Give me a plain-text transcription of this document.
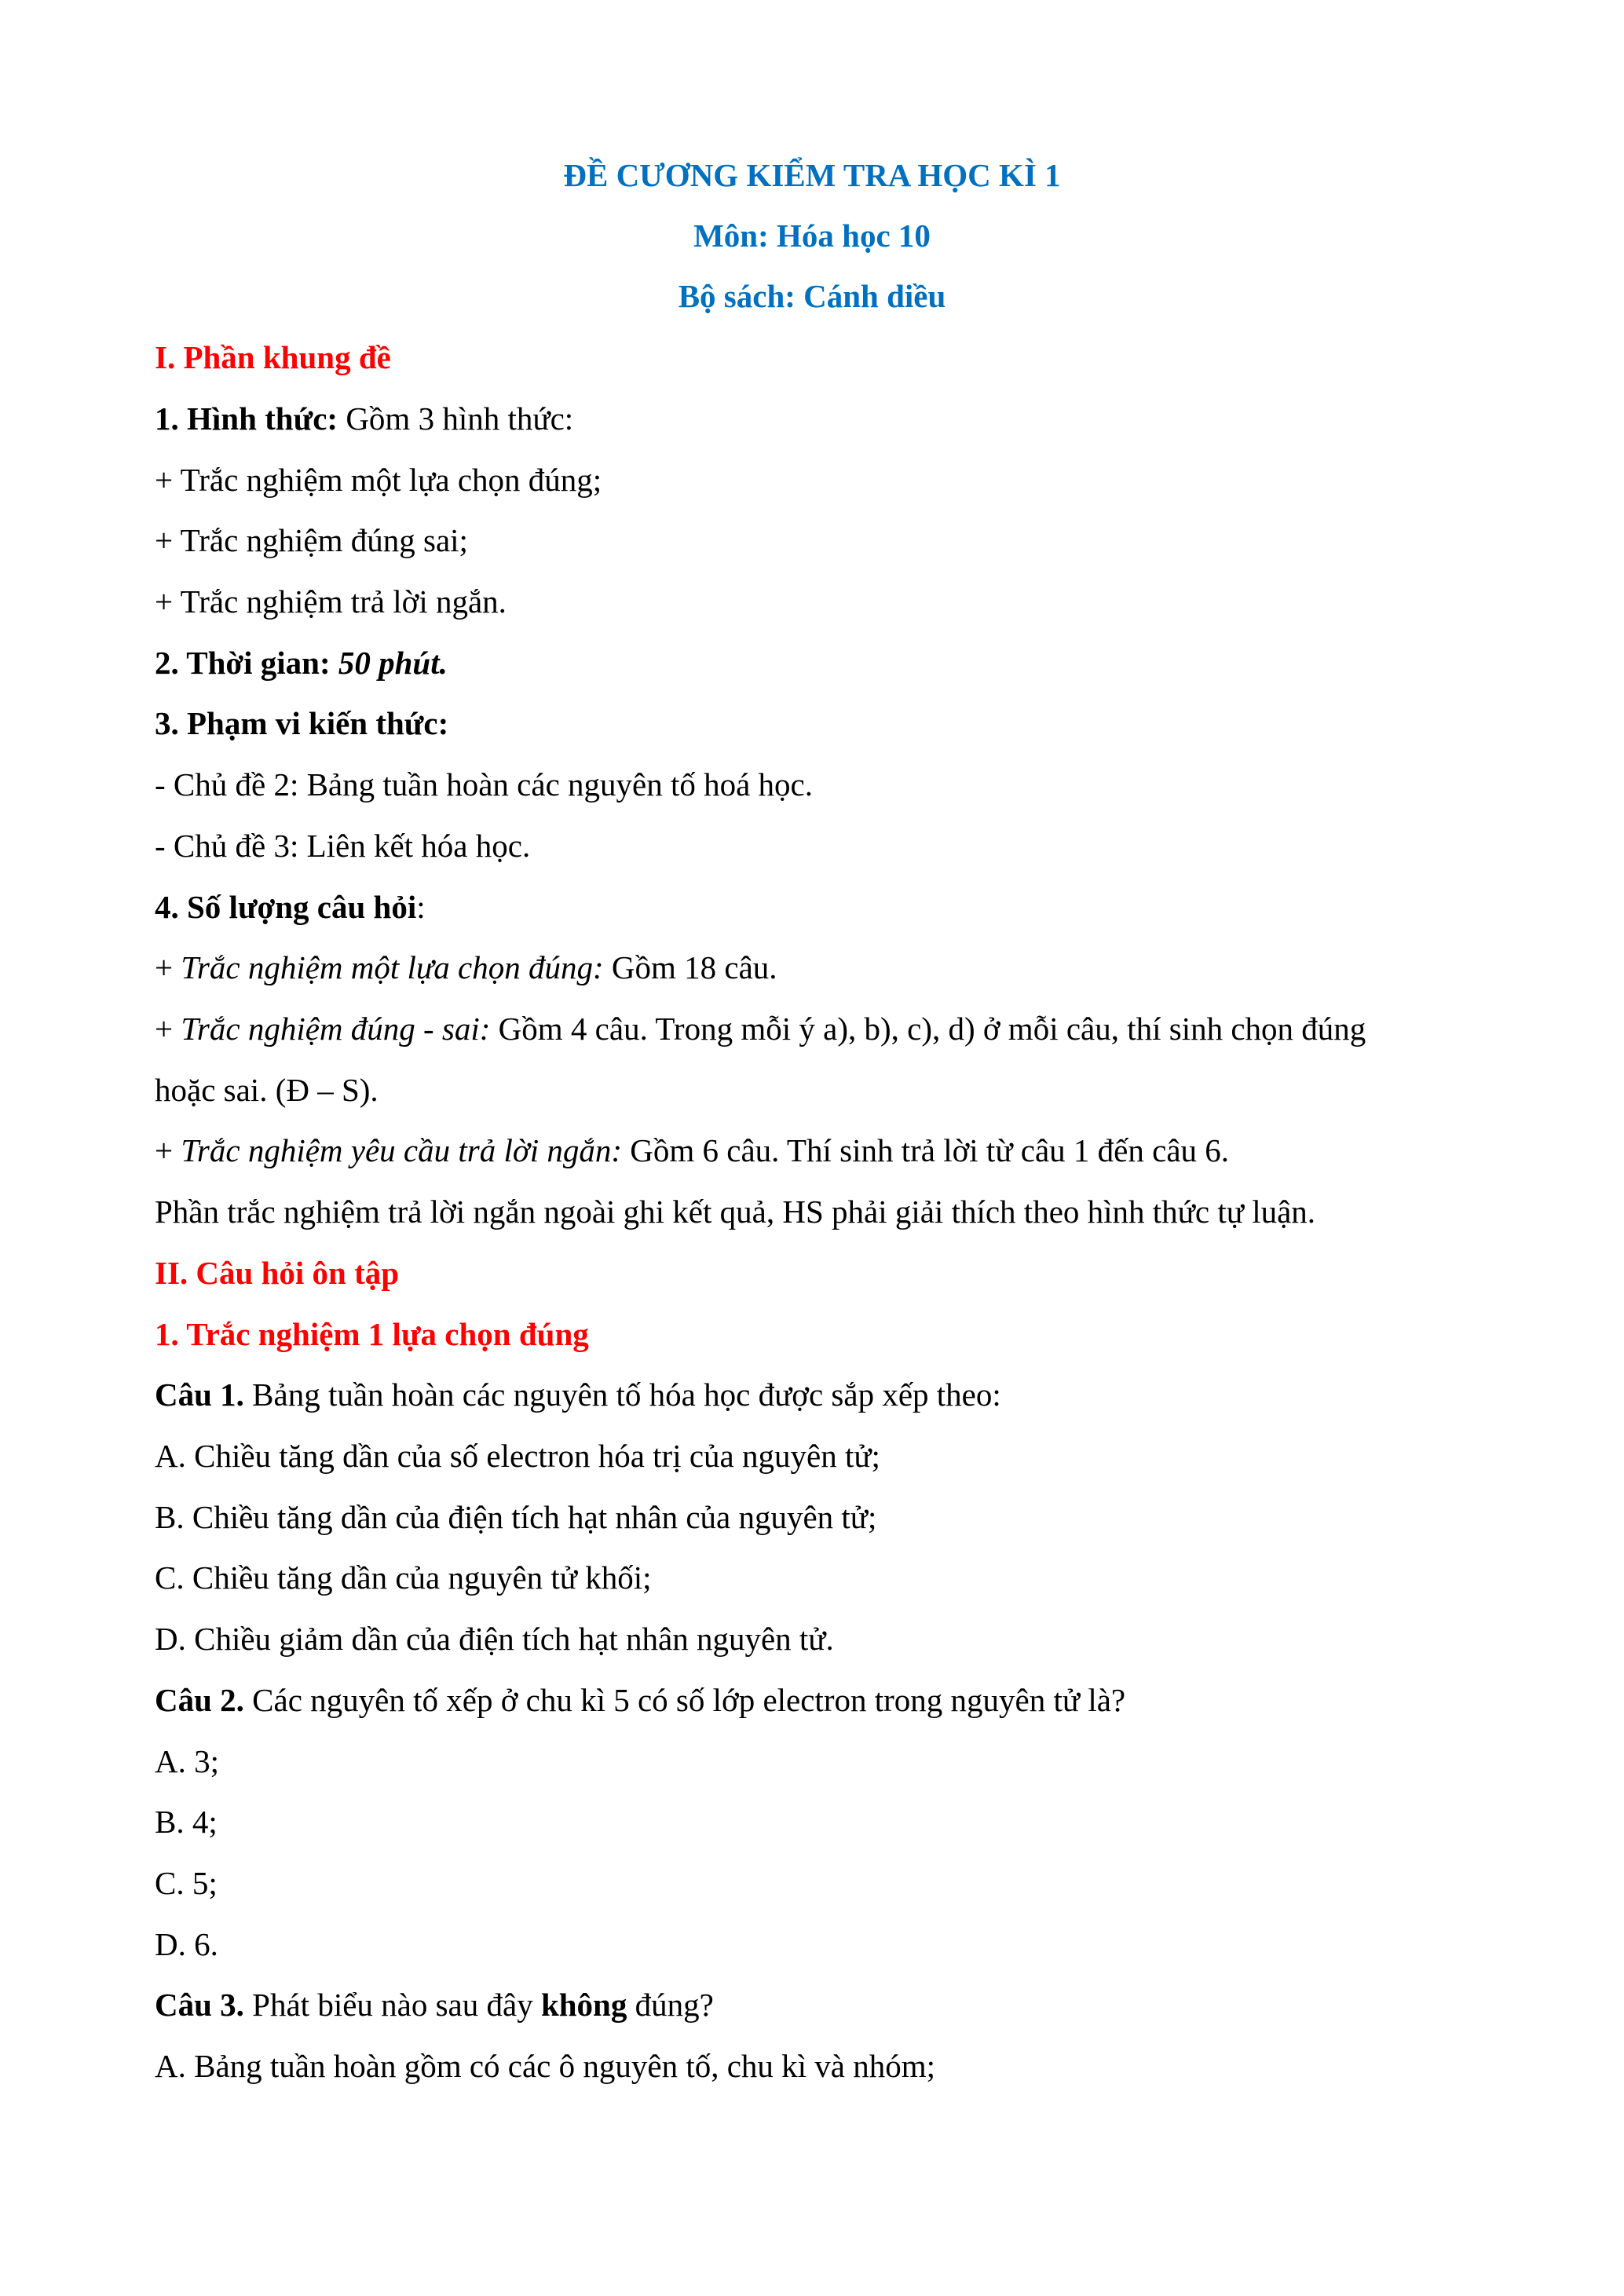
ĐỀ CƯƠNG KIỂM TRA HỌC KÌ 1
Môn: Hóa học 10
Bộ sách: Cánh diều
I. Phần khung đề
1. Hình thức: Gồm 3 hình thức:
+ Trắc nghiệm một lựa chọn đúng;
+ Trắc nghiệm đúng sai;
+ Trắc nghiệm trả lời ngắn.
2. Thời gian: 50 phút.
3. Phạm vi kiến thức:
- Chủ đề 2: Bảng tuần hoàn các nguyên tố hoá học.
- Chủ đề 3: Liên kết hóa học.
4. Số lượng câu hỏi:
+ Trắc nghiệm một lựa chọn đúng: Gồm 18 câu.
+ Trắc nghiệm đúng - sai: Gồm 4 câu. Trong mỗi ý a), b), c), d) ở mỗi câu, thí sinh chọn đúng
hoặc sai. (Đ – S).
+ Trắc nghiệm yêu cầu trả lời ngắn: Gồm 6 câu. Thí sinh trả lời từ câu 1 đến câu 6.
Phần trắc nghiệm trả lời ngắn ngoài ghi kết quả, HS phải giải thích theo hình thức tự luận.
II. Câu hỏi ôn tập
1. Trắc nghiệm 1 lựa chọn đúng
Câu 1. Bảng tuần hoàn các nguyên tố hóa học được sắp xếp theo:
A. Chiều tăng dần của số electron hóa trị của nguyên tử;
B. Chiều tăng dần của điện tích hạt nhân của nguyên tử;
C. Chiều tăng dần của nguyên tử khối;
D. Chiều giảm dần của điện tích hạt nhân nguyên tử.
Câu 2. Các nguyên tố xếp ở chu kì 5 có số lớp electron trong nguyên tử là?
A. 3;
B. 4;
C. 5;
D. 6.
Câu 3. Phát biểu nào sau đây không đúng?
A. Bảng tuần hoàn gồm có các ô nguyên tố, chu kì và nhóm;
